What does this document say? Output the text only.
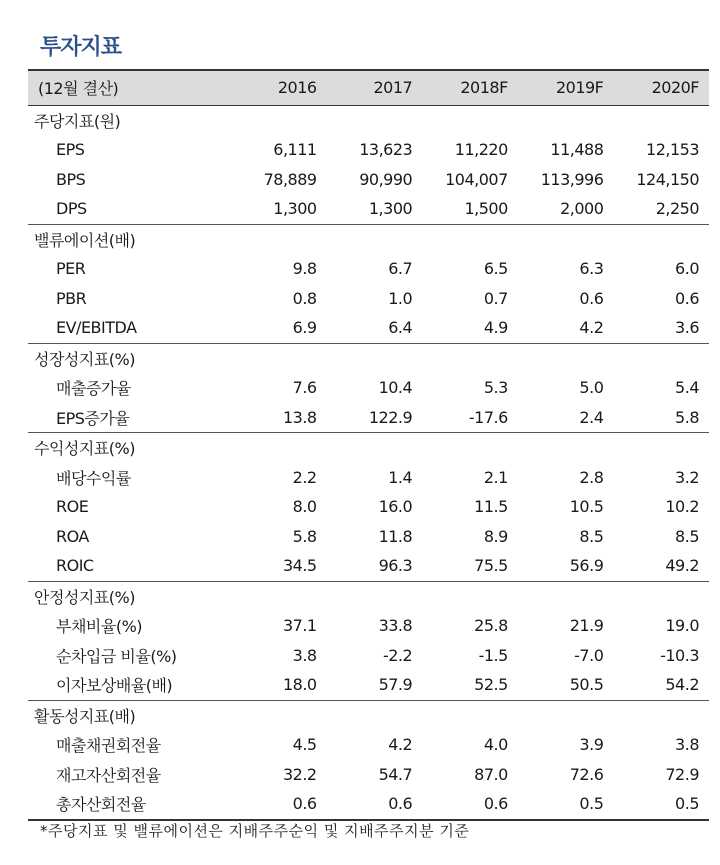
투자지표
(12월 결산)	2016	2017	2018F	2019F	2020F
주당지표(원)					
EPS	6,111	13,623	11,220	11,488	12,153
BPS	78,889	90,990	104,007	113,996	124,150
DPS	1,300	1,300	1,500	2,000	2,250
밸류에이션(배)					
PER	9.8	6.7	6.5	6.3	6.0
PBR	0.8	1.0	0.7	0.6	0.6
EV/EBITDA	6.9	6.4	4.9	4.2	3.6
성장성지표(%)					
매출증가율	7.6	10.4	5.3	5.0	5.4
EPS증가율	13.8	122.9	-17.6	2.4	5.8
수익성지표(%)					
배당수익률	2.2	1.4	2.1	2.8	3.2
ROE	8.0	16.0	11.5	10.5	10.2
ROA	5.8	11.8	8.9	8.5	8.5
ROIC	34.5	96.3	75.5	56.9	49.2
안정성지표(%)					
부채비율(%)	37.1	33.8	25.8	21.9	19.0
순차입금 비율(%)	3.8	-2.2	-1.5	-7.0	-10.3
이자보상배율(배)	18.0	57.9	52.5	50.5	54.2
활동성지표(배)					
매출채권회전율	4.5	4.2	4.0	3.9	3.8
재고자산회전율	32.2	54.7	87.0	72.6	72.9
총자산회전율	0.6	0.6	0.6	0.5	0.5
*주당지표 및 밸류에이션은 지배주주순익 및 지배주주지분 기준
